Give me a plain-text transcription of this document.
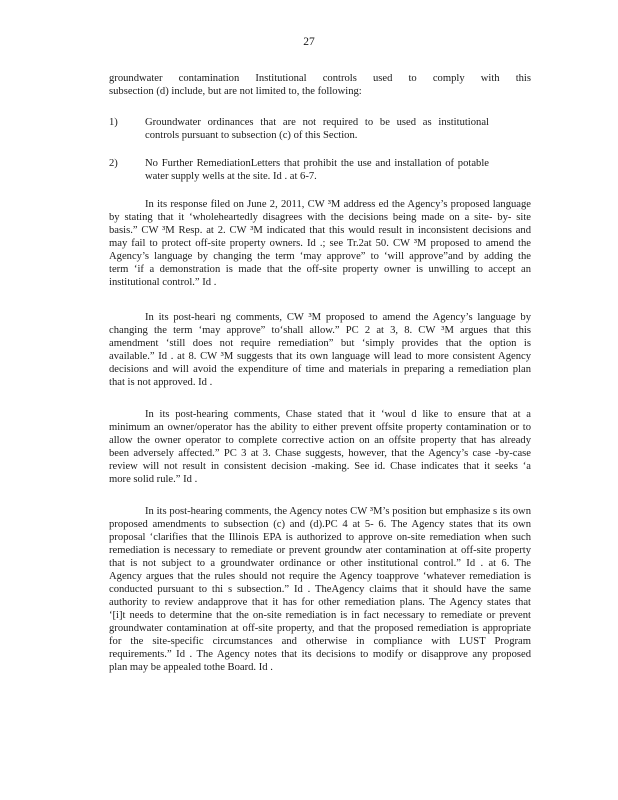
27

groundwater contamination Institutional controls used to comply with this

subsection (d) include, but are not limited to, the following:

1)	Groundwater ordinances that are not required to be used as institutional

controls pursuant to subsection (c) of this Section.

2)	No Further RemediationLetters that prohibit the use and installation of potable

water supply wells at the site. Id . at 6-7.

In its response filed on June 2, 2011, CW ³M address ed the Agency’s proposed language

by stating that it ‘wholeheartedly disagrees with the decisions being made on a site- by- site

basis.” CW ³M Resp. at 2. CW ³M indicated that this would result in inconsistent decisions and

may fail to protect off-site property owners. Id .; see Tr.2at 50. CW ³M proposed to amend the

Agency’s language by changing the term ‘may approve” to ‘will approve”and by adding the

term ‘if a demonstration is made that the off-site property owner is unwilling to accept an

institutional control.” Id .

In its post-heari ng comments, CW ³M proposed to amend the Agency’s language by

changing the term ‘may approve” to‘shall allow.” PC 2 at 3, 8. CW ³M argues that this

amendment ‘still does not require remediation” but ‘simply provides that the option is

available.” Id . at 8. CW ³M suggests that its own language will lead to more consistent Agency

decisions and will avoid the expenditure of time and materials in preparing a remediation plan

that is not approved. Id .

In its post-hearing comments, Chase stated that it ‘woul d like to ensure that at a

minimum an owner/operator has the ability to either prevent offsite property contamination or to

allow the owner operator to complete corrective action on an offsite property that has already

been adversely affected.” PC 3 at 3. Chase suggests, however, that the Agency’s case -by-case

review will not result in consistent decision -making. See id. Chase indicates that it seeks ‘a

more solid rule.” Id .

In its post-hearing comments, the Agency notes CW ³M’s position but emphasize s its own

proposed amendments to subsection (c) and (d).PC 4 at 5- 6. The Agency states that its own

proposal ‘clarifies that the Illinois EPA is authorized to approve on-site remediation when such

remediation is necessary to remediate or prevent groundw ater contamination at off-site property

that is not subject to a groundwater ordinance or other institutional control.” Id . at 6. The

Agency argues that the rules should not require the Agency toapprove ‘whatever remediation is

conducted pursuant to thi s subsection.” Id . TheAgency claims that it should have the same

authority to review andapprove that it has for other remediation plans. The Agency states that

‘[i]t needs to determine that the on-site remediation is in fact necessary to remediate or prevent

groundwater contamination at off-site property, and that the proposed remediation is appropriate

for the site-specific circumstances and otherwise in compliance with LUST Program

requirements.” Id . The Agency notes that its decisions to modify or disapprove any proposed

plan may be appealed tothe Board. Id .
